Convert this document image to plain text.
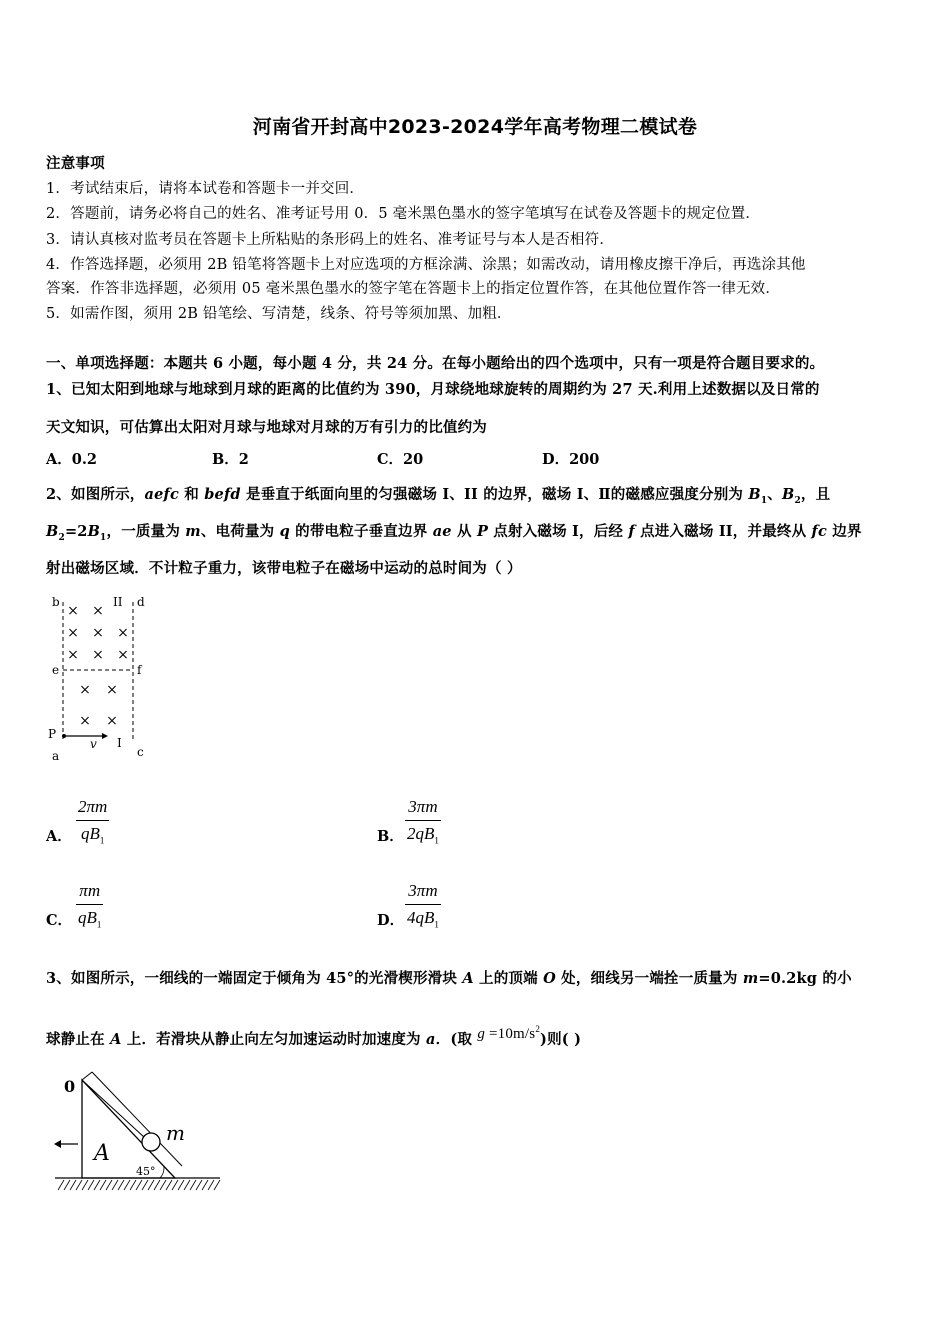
河南省开封高中2023-2024学年高考物理二模试卷
注意事项
1．考试结束后，请将本试卷和答题卡一并交回．
2．答题前，请务必将自己的姓名、准考证号用 0．5 毫米黑色墨水的签字笔填写在试卷及答题卡的规定位置．
3．请认真核对监考员在答题卡上所粘贴的条形码上的姓名、准考证号与本人是否相符．
4．作答选择题，必须用 2B 铅笔将答题卡上对应选项的方框涂满、涂黑；如需改动，请用橡皮擦干净后，再选涂其他
答案．作答非选择题，必须用 05 毫米黑色墨水的签字笔在答题卡上的指定位置作答，在其他位置作答一律无效．
5．如需作图，须用 2B 铅笔绘、写清楚，线条、符号等须加黑、加粗．
一、单项选择题：本题共 6 小题，每小题 4 分，共 24 分。在每小题给出的四个选项中，只有一项是符合题目要求的。
1、已知太阳到地球与地球到月球的距离的比值约为 390，月球绕地球旋转的周期约为 27 天.利用上述数据以及日常的
天文知识，可估算出太阳对月球与地球对月球的万有引力的比值约为
A．0.2	B．2	C．20	D．200
2、如图所示，aefc 和 befd 是垂直于纸面向里的匀强磁场 I、II 的边界，磁场 I、Ⅱ的磁感应强度分别为 $B_1$、$B_2$，且
$B_2=2B_1$，一质量为 m、电荷量为 q 的带电粒子垂直边界 ae 从 P 点射入磁场 I，后经 f 点进入磁场 II，并最终从 fc 边界
射出磁场区域．不计粒子重力，该带电粒子在磁场中运动的总时间为（ ）
b	II d
e	f
P
v I
a	c
× ×
× × ×
× × ×
× ×
× ×
A．
2πm
$qB_1$	B．
3πm
$2qB_1$
C．
πm
$qB_1$	D．
3πm
$4qB_1$
3、如图所示，一细线的一端固定于倾角为 45°的光滑楔形滑块 A 上的顶端 O 处，细线另一端拴一质量为 m=0.2kg 的小
球静止在 A 上．若滑块从静止向左匀加速运动时加速度为 a．(取 $g =10m/s^2$)则( )
0
m
A
45°
